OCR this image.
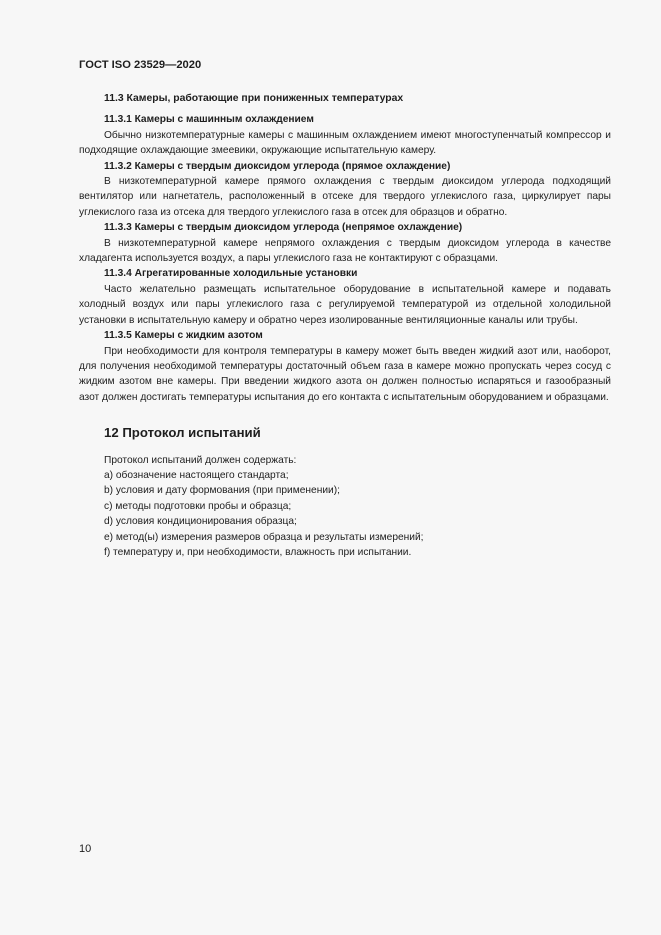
ГОСТ ISO 23529—2020
11.3 Камеры, работающие при пониженных температурах
11.3.1 Камеры с машинным охлаждением
Обычно низкотемпературные камеры с машинным охлаждением имеют многоступенчатый компрессор и подходящие охлаждающие змеевики, окружающие испытательную камеру.
11.3.2 Камеры с твердым диоксидом углерода (прямое охлаждение)
В низкотемпературной камере прямого охлаждения с твердым диоксидом углерода подходящий вентилятор или нагнетатель, расположенный в отсеке для твердого углекислого газа, циркулирует пары углекислого газа из отсека для твердого углекислого газа в отсек для образцов и обратно.
11.3.3 Камеры с твердым диоксидом углерода (непрямое охлаждение)
В низкотемпературной камере непрямого охлаждения с твердым диоксидом углерода в качестве хладагента используется воздух, а пары углекислого газа не контактируют с образцами.
11.3.4 Агрегатированные холодильные установки
Часто желательно размещать испытательное оборудование в испытательной камере и подавать холодный воздух или пары углекислого газа с регулируемой температурой из отдельной холодильной установки в испытательную камеру и обратно через изолированные вентиляционные каналы или трубы.
11.3.5 Камеры с жидким азотом
При необходимости для контроля температуры в камеру может быть введен жидкий азот или, наоборот, для получения необходимой температуры достаточный объем газа в камере можно пропускать через сосуд с жидким азотом вне камеры. При введении жидкого азота он должен полностью испаряться и газообразный азот должен достигать температуры испытания до его контакта с испытательным оборудованием и образцами.
12 Протокол испытаний
Протокол испытаний должен содержать:
a) обозначение настоящего стандарта;
b) условия и дату формования (при применении);
c) методы подготовки пробы и образца;
d) условия кондиционирования образца;
e) метод(ы) измерения размеров образца и результаты измерений;
f) температуру и, при необходимости, влажность при испытании.
10
